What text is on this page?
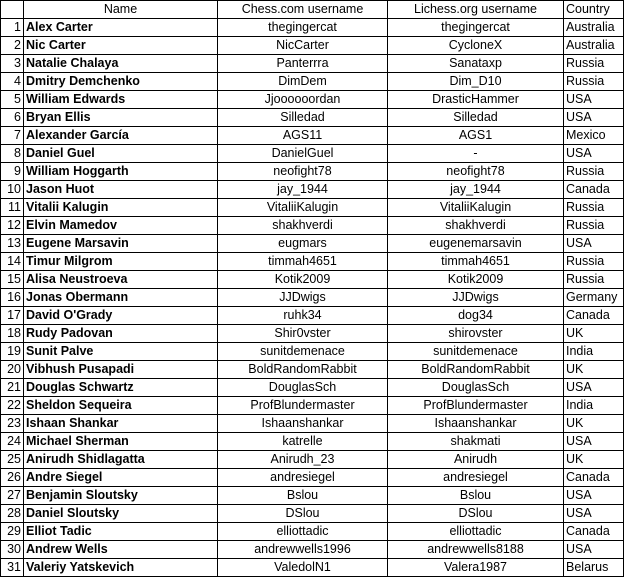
	Name	Chess.com username	Lichess.org username	Country
1	Alex Carter	thegingercat	thegingercat	Australia
2	Nic Carter	NicCarter	CycloneX	Australia
3	Natalie Chalaya	Panterrra	Sanataxp	Russia
4	Dmitry Demchenko	DimDem	Dim_D10	Russia
5	William Edwards	Jjoooooordan	DrasticHammer	USA
6	Bryan Ellis	Silledad	Silledad	USA
7	Alexander García	AGS11	AGS1	Mexico
8	Daniel Guel	DanielGuel	-	USA
9	William Hoggarth	neofight78	neofight78	Russia
10	Jason Huot	jay_1944	jay_1944	Canada
11	Vitalii Kalugin	VitaliiKalugin	VitaliiKalugin	Russia
12	Elvin Mamedov	shakhverdi	shakhverdi	Russia
13	Eugene Marsavin	eugmars	eugenemarsavin	USA
14	Timur Milgrom	timmah4651	timmah4651	Russia
15	Alisa Neustroeva	Kotik2009	Kotik2009	Russia
16	Jonas Obermann	JJDwigs	JJDwigs	Germany
17	David O'Grady	ruhk34	dog34	Canada
18	Rudy Padovan	Shir0vster	shirovster	UK
19	Sunit Palve	sunitdemenace	sunitdemenace	India
20	Vibhush Pusapadi	BoldRandomRabbit	BoldRandomRabbit	UK
21	Douglas Schwartz	DouglasSch	DouglasSch	USA
22	Sheldon Sequeira	ProfBlundermaster	ProfBlundermaster	India
23	Ishaan Shankar	Ishaanshankar	Ishaanshankar	UK
24	Michael Sherman	katrelle	shakmati	USA
25	Anirudh Shidlagatta	Anirudh_23	Anirudh	UK
26	Andre Siegel	andresiegel	andresiegel	Canada
27	Benjamin Sloutsky	Bslou	Bslou	USA
28	Daniel Sloutsky	DSlou	DSlou	USA
29	Elliot Tadic	elliottadic	elliottadic	Canada
30	Andrew Wells	andrewwells1996	andrewwells8188	USA
31	Valeriy Yatskevich	ValedolN1	Valera1987	Belarus
